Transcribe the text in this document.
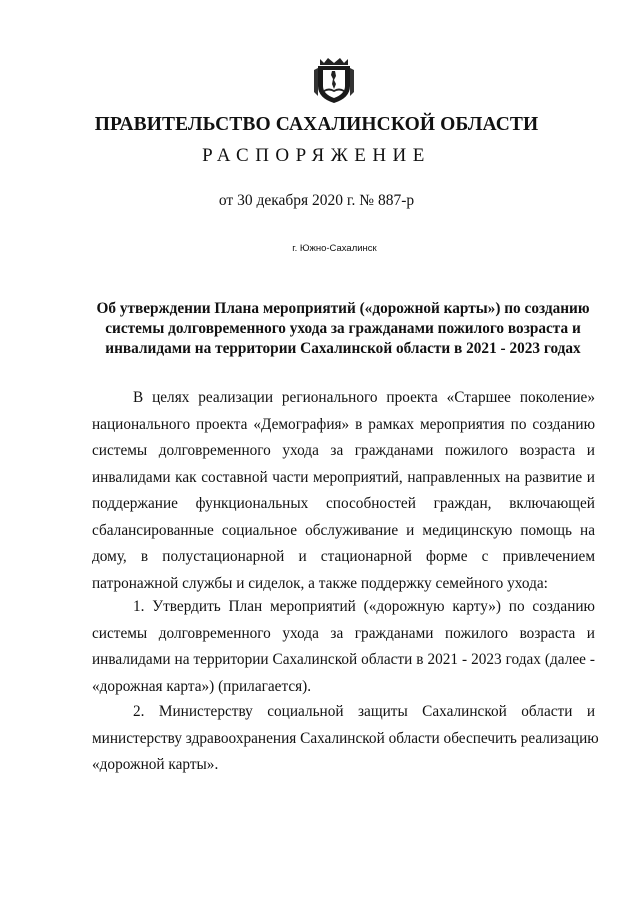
ПРАВИТЕЛЬСТВО САХАЛИНСКОЙ ОБЛАСТИ
РАСПОРЯЖЕНИЕ
от 30 декабря 2020 г. № 887-р
г. Южно-Сахалинск
Об утверждении Плана мероприятий («дорожной карты») по созданию
системы долговременного ухода за гражданами пожилого возраста и
инвалидами на территории Сахалинской области в 2021 - 2023 годах
В целях реализации регионального проекта «Старшее поколение»
национального проекта «Демография» в рамках мероприятия по созданию
системы долговременного ухода за гражданами пожилого возраста и
инвалидами как составной части мероприятий, направленных на развитие и
поддержание функциональных способностей граждан, включающей
сбалансированные социальное обслуживание и медицинскую помощь на
дому, в полустационарной и стационарной форме с привлечением
патронажной службы и сиделок, а также поддержку семейного ухода:
1. Утвердить План мероприятий («дорожную карту») по созданию
системы долговременного ухода за гражданами пожилого возраста и
инвалидами на территории Сахалинской области в 2021 - 2023 годах (далее -
«дорожная карта») (прилагается).
2. Министерству социальной защиты Сахалинской области и
министерству здравоохранения Сахалинской области обеспечить реализацию
«дорожной карты».
